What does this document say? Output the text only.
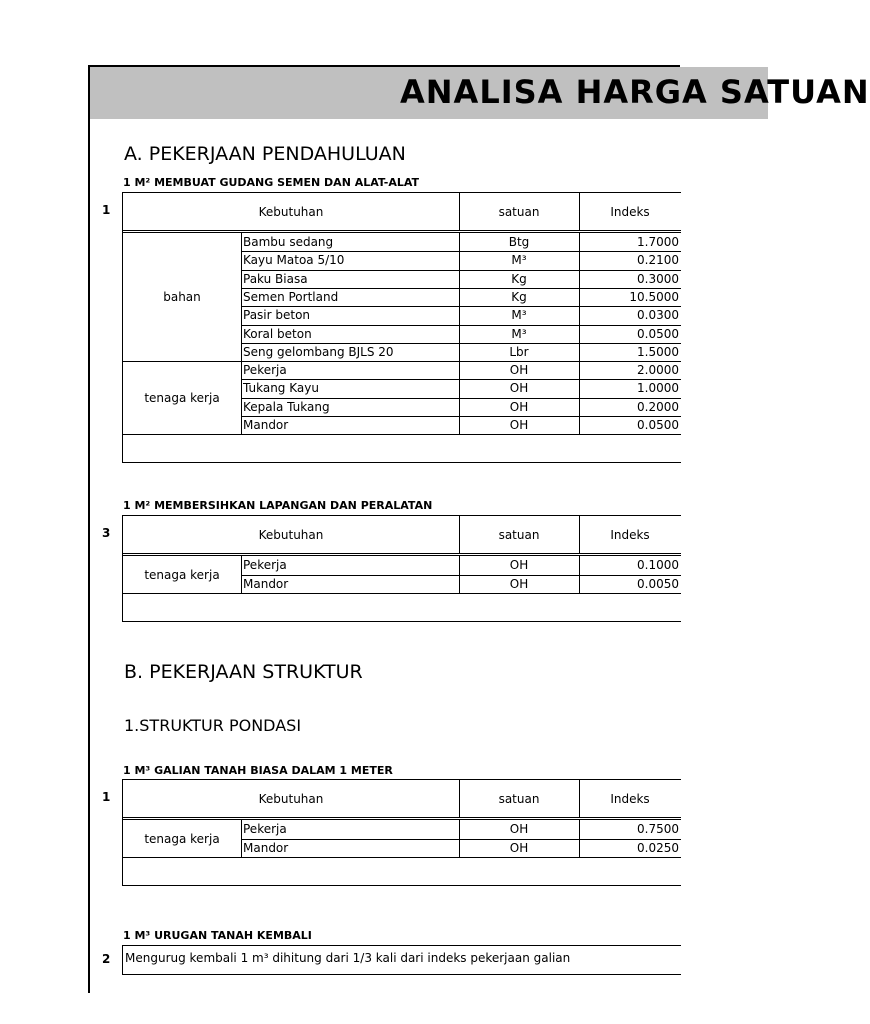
ANALISA HARGA SATUAN
A. PEKERJAAN PENDAHULUAN
B. PEKERJAAN STRUKTUR
1.STRUKTUR PONDASI
1 M² MEMBUAT GUDANG SEMEN DAN ALAT-ALAT
1	Kebutuhan	satuan	Indeks
bahan
Bambu sedang	Btg	1.7000
Kayu Matoa 5/10	M³	0.2100
Paku Biasa	Kg	0.3000
Semen Portland	Kg	10.5000
Pasir beton	M³	0.0300
Koral beton	M³	0.0500
Seng gelombang BJLS 20	Lbr	1.5000
tenaga kerja
Pekerja	OH	2.0000
Tukang Kayu	OH	1.0000
Kepala Tukang	OH	0.2000
Mandor	OH	0.0500
1 M² MEMBERSIHKAN LAPANGAN DAN PERALATAN
3	Kebutuhan	satuan	Indeks
tenaga kerja
Pekerja	OH	0.1000
Mandor	OH	0.0050
1 M³ GALIAN TANAH BIASA DALAM 1 METER
1	Kebutuhan	satuan	Indeks
tenaga kerja
Pekerja	OH	0.7500
Mandor	OH	0.0250
1 M³ URUGAN TANAH KEMBALI
2 Mengurug kembali 1 m³ dihitung dari 1/3 kali dari indeks pekerjaan galian
